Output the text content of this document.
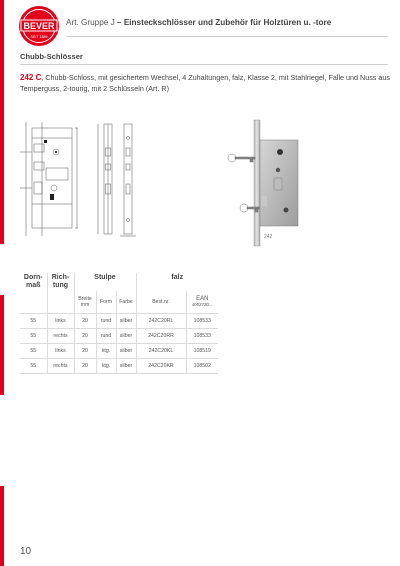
BEVER
SEIT 1889
Art. Gruppe J – Einsteckschlösser und Zubehör für Holztüren u. -tore
Chubb-Schlösser
242 C, Chubb-Schloss, mit gesichertem Wechsel, 4 Zuhaltungen, falz, Klasse 2, mit Stahlriegel, Falle und Nuss aus Temperguss, 2-tourig, mit 2 Schlüsseln (Art. R)
242
Dorn-maß	Rich-tung	Stulpe			falz	
		Breite mm	Form	Farbe	Best.nr.	EAN
4002730...
55	links	20	rund	silber	242C20RL	108533
55	rechts	20	rund	silber	242C20RR	108533
55	links	20	ktg.	silber	242C20KL	108519
55	rechts	20	ktg.	silber	242C20KR	108502
10
